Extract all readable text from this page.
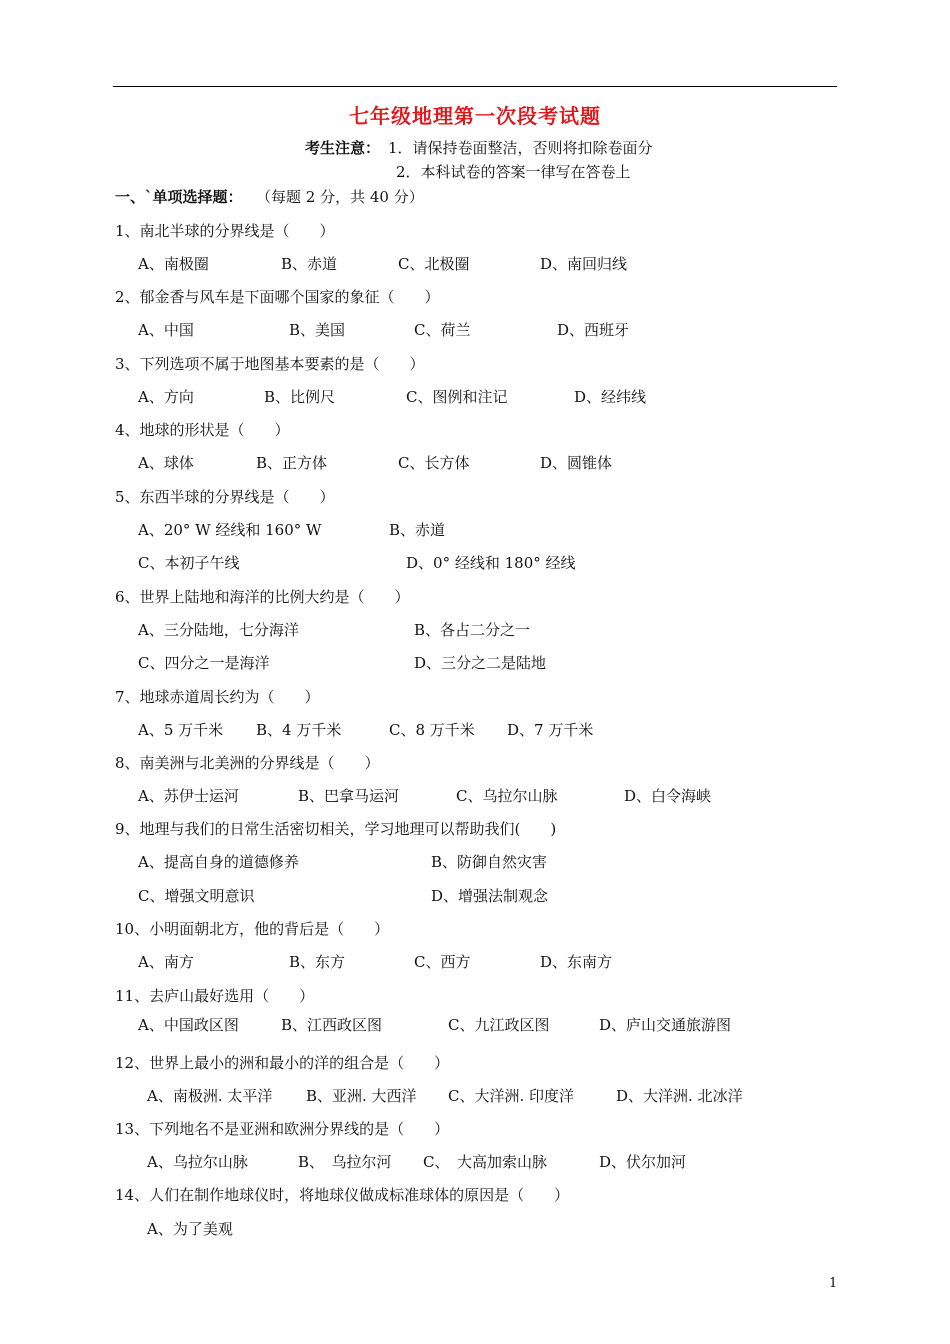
七年级地理第一次段考试题
考生注意： 1．请保持卷面整洁，否则将扣除卷面分
2．本科试卷的答案一律写在答卷上
一、`单项选择题： （每题 2 分，共 40 分）
1、南北半球的分界线是（　　）
A、南极圈	B、赤道	C、北极圈	D、南回归线
2、郁金香与风车是下面哪个国家的象征（　　）
A、中国	B、美国	C、荷兰	D、西班牙
3、下列选项不属于地图基本要素的是（　　）
A、方向	B、比例尺	C、图例和注记	D、经纬线
4、地球的形状是（　　）
A、球体	B、正方体	C、长方体	D、圆锥体
5、东西半球的分界线是（　　）
A、20° W 经线和 160° W	B、赤道
C、本初子午线	D、0° 经线和 180° 经线
6、世界上陆地和海洋的比例大约是（　　）
A、三分陆地，七分海洋	B、各占二分之一
C、四分之一是海洋	D、三分之二是陆地
7、地球赤道周长约为（　　）
A、5 万千米 B、4 万千米	C、8 万千米 D、7 万千米
8、南美洲与北美洲的分界线是（　　）
A、苏伊士运河	B、巴拿马运河	C、乌拉尔山脉	D、白令海峡
9、地理与我们的日常生活密切相关，学习地理可以帮助我们(　　)
A、提高自身的道德修养	B、防御自然灾害
C、增强文明意识	D、增强法制观念
10、小明面朝北方，他的背后是（　　）
A、南方	B、东方	C、西方	D、东南方
11、去庐山最好选用（　　）
A、中国政区图	B、江西政区图	C、九江政区图	D、庐山交通旅游图
12、世界上最小的洲和最小的洋的组合是（　　）
A、南极洲. 太平洋 B、亚洲. 大西洋 C、大洋洲. 印度洋	D、大洋洲. 北冰洋
13、下列地名不是亚洲和欧洲分界线的是（　　）
A、乌拉尔山脉	B、　乌拉尔河 C、　大高加索山脉	D、伏尔加河
14、人们在制作地球仪时，将地球仪做成标准球体的原因是（　　）
A、为了美观
1
